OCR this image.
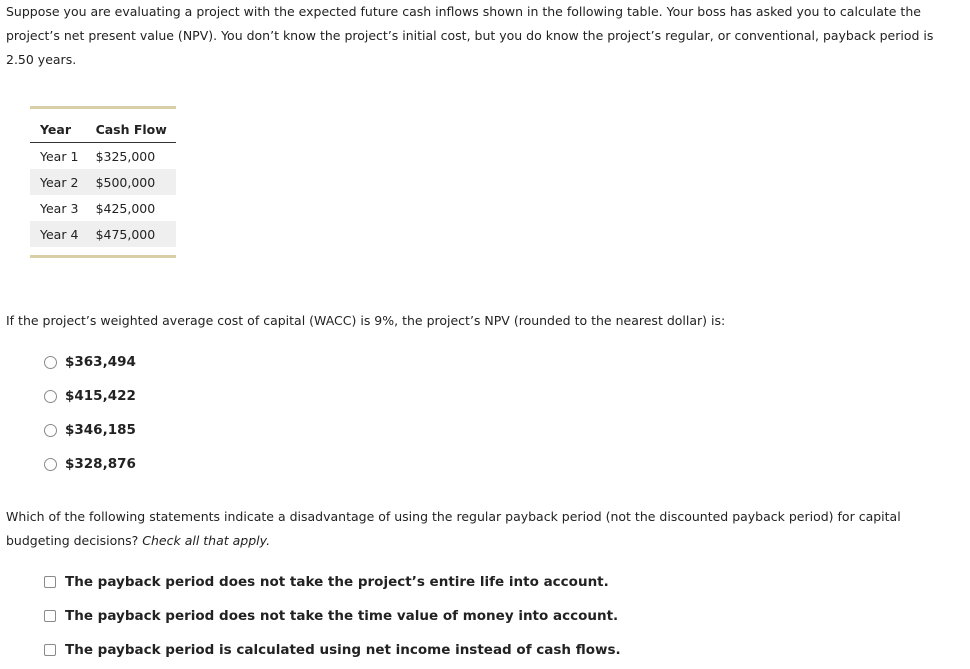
Suppose you are evaluating a project with the expected future cash inflows shown in the following table. Your boss has asked you to calculate the project’s net present value (NPV). You don’t know the project’s initial cost, but you do know the project’s regular, or conventional, payback period is 2.50 years.

Year	Cash Flow
Year 1	$325,000
Year 2	$500,000
Year 3	$425,000
Year 4	$475,000

If the project’s weighted average cost of capital (WACC) is 9%, the project’s NPV (rounded to the nearest dollar) is:

$363,494
$415,422
$346,185
$328,876

Which of the following statements indicate a disadvantage of using the regular payback period (not the discounted payback period) for capital budgeting decisions? Check all that apply.

The payback period does not take the project’s entire life into account.
The payback period does not take the time value of money into account.
The payback period is calculated using net income instead of cash flows.
